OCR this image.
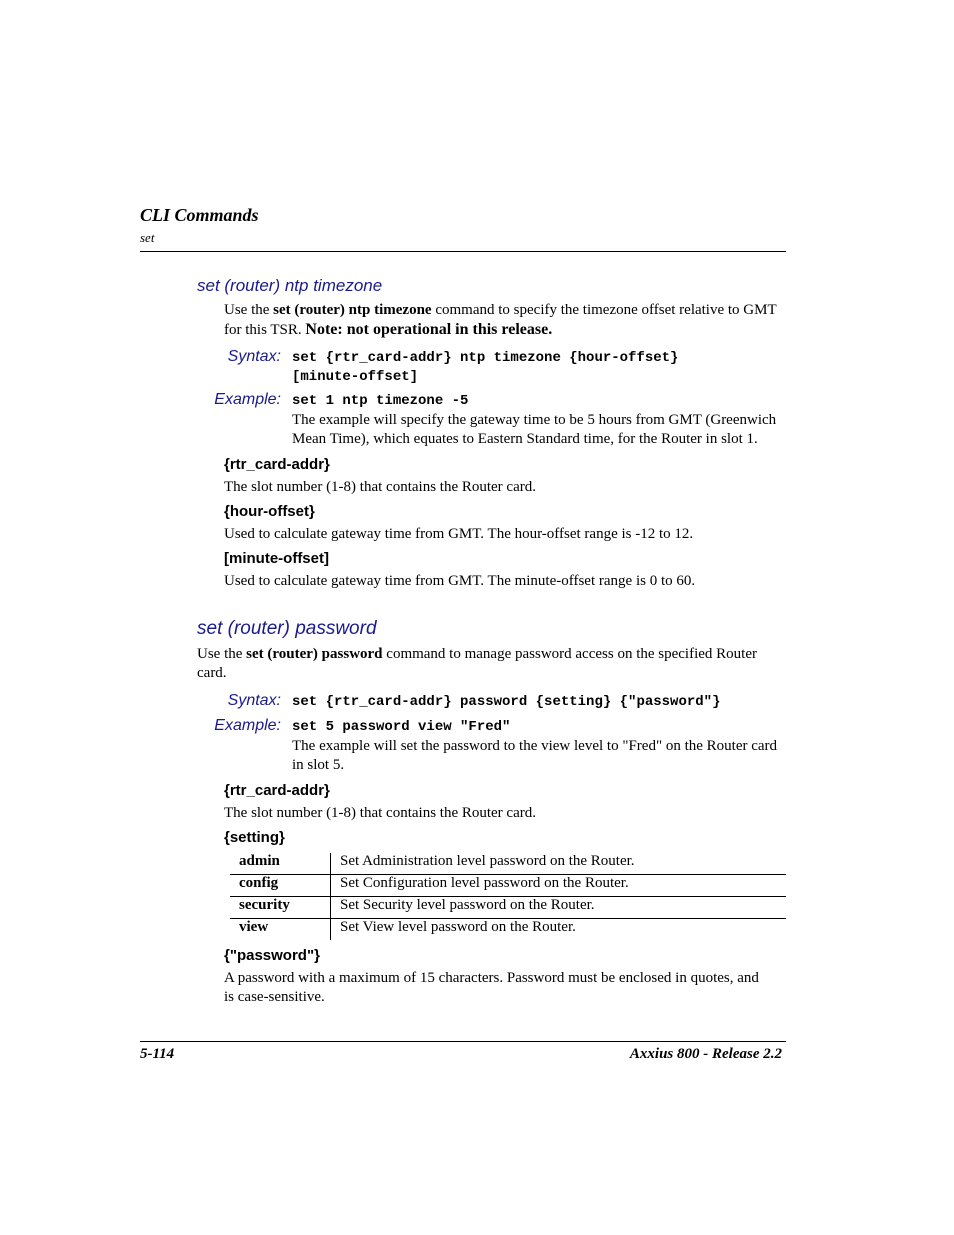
CLI Commands
set
set (router) ntp timezone
Use the set (router) ntp timezone command to specify the timezone offset relative to GMT
for this TSR. Note: not operational in this release.
Syntax: set {rtr_card-addr} ntp timezone {hour-offset}
[minute-offset]
Example: set 1 ntp timezone -5
The example will specify the gateway time to be 5 hours from GMT (Greenwich
Mean Time), which equates to Eastern Standard time, for the Router in slot 1.
{rtr_card-addr}
The slot number (1-8) that contains the Router card.
{hour-offset}
Used to calculate gateway time from GMT. The hour-offset range is -12 to 12.
[minute-offset]
Used to calculate gateway time from GMT. The minute-offset range is 0 to 60.
set (router) password
Use the set (router) password command to manage password access on the specified Router
card.
Syntax: set {rtr_card-addr} password {setting} {"password"}
Example: set 5 password view "Fred"
The example will set the password to the view level to "Fred" on the Router card
in slot 5.
{rtr_card-addr}
The slot number (1-8) that contains the Router card.
{setting}
admin	Set Administration level password on the Router.
config	Set Configuration level password on the Router.
security	Set Security level password on the Router.
view	Set View level password on the Router.
{"password"}
A password with a maximum of 15 characters. Password must be enclosed in quotes, and
is case-sensitive.
5-114	Axxius 800 - Release 2.2
